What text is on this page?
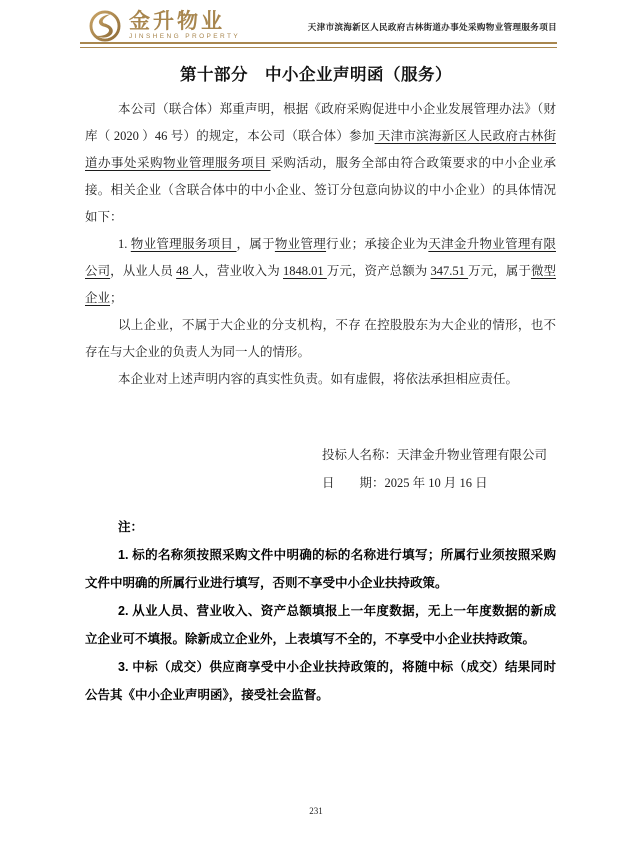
金升物业
JINSHENG PROPERTY
天津市滨海新区人民政府古林街道办事处采购物业管理服务项目
第十部分　中小企业声明函（服务）

本公司（联合体）郑重声明，根据《政府采购促进中小企业发展管理办法》（财库（ 2020 ）46 号）的规定，本公司（联合体）参加 天津市滨海新区人民政府古林街道办事处采购物业管理服务项目 采购活动，服务全部由符合政策要求的中小企业承接。相关企业（含联合体中的中小企业、签订分包意向协议的中小企业）的具体情况如下：

1. 物业管理服务项目 ，属于物业管理行业；承接企业为天津金升物业管理有限公司，从业人员 48 人，营业收入为 1848.01 万元，资产总额为 347.51 万元，属于微型企业；

以上企业，不属于大企业的分支机构，不存 在控股股东为大企业的情形，也不存在与大企业的负责人为同一人的情形。

本企业对上述声明内容的真实性负责。如有虚假，将依法承担相应责任。

投标人名称：天津金升物业管理有限公司
日　　期：2025 年 10 月 16 日

注：

1. 标的名称须按照采购文件中明确的标的名称进行填写；所属行业须按照采购文件中明确的所属行业进行填写，否则不享受中小企业扶持政策。

2. 从业人员、营业收入、资产总额填报上一年度数据，无上一年度数据的新成立企业可不填报。除新成立企业外，上表填写不全的，不享受中小企业扶持政策。

3. 中标（成交）供应商享受中小企业扶持政策的，将随中标（成交）结果同时公告其《中小企业声明函》，接受社会监督。

231
